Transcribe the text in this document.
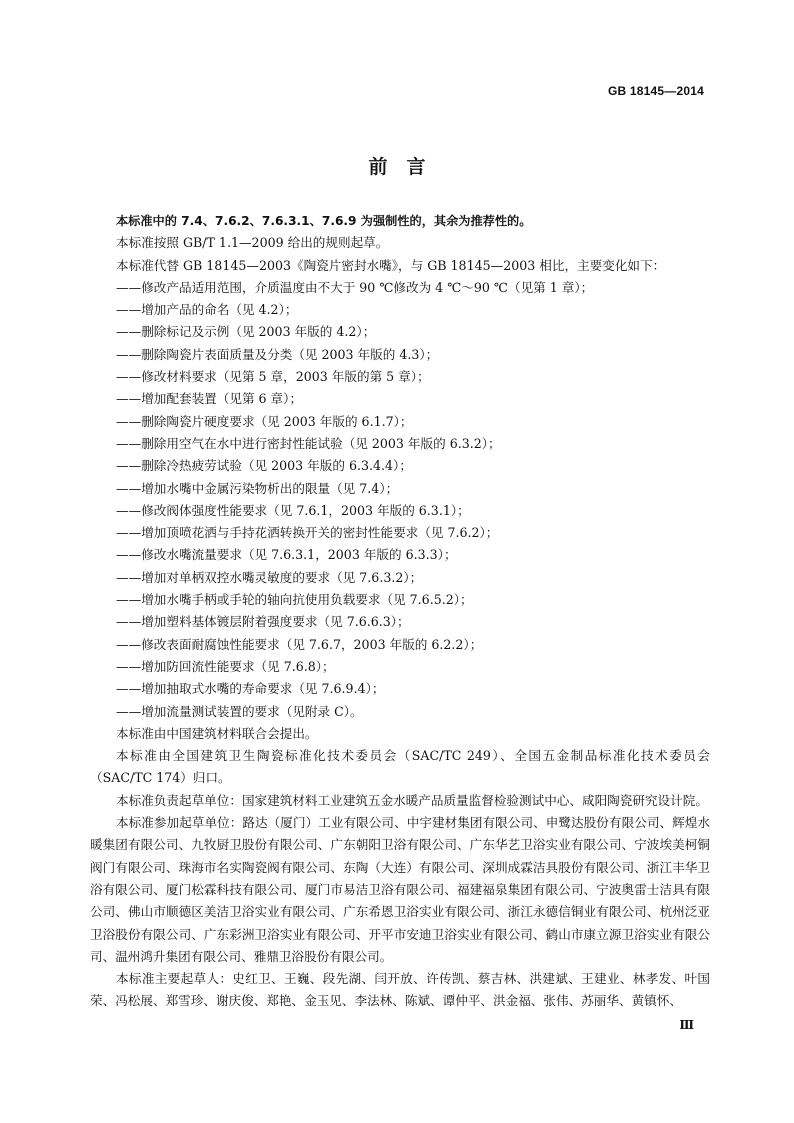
GB 18145—2014
前　言

本标准中的 7.4、7.6.2、7.6.3.1、7.6.9 为强制性的，其余为推荐性的。

本标准按照 GB/T 1.1—2009 给出的规则起草。

本标准代替 GB 18145—2003《陶瓷片密封水嘴》，与 GB 18145—2003 相比，主要变化如下：

——修改产品适用范围，介质温度由不大于 90 ℃修改为 4 ℃～90 ℃（见第 1 章）；

——增加产品的命名（见 4.2）；

——删除标记及示例（见 2003 年版的 4.2）；

——删除陶瓷片表面质量及分类（见 2003 年版的 4.3）；

——修改材料要求（见第 5 章，2003 年版的第 5 章）；

——增加配套装置（见第 6 章）；

——删除陶瓷片硬度要求（见 2003 年版的 6.1.7）；

——删除用空气在水中进行密封性能试验（见 2003 年版的 6.3.2）；

——删除冷热疲劳试验（见 2003 年版的 6.3.4.4）；

——增加水嘴中金属污染物析出的限量（见 7.4）；

——修改阀体强度性能要求（见 7.6.1，2003 年版的 6.3.1）；

——增加顶喷花洒与手持花洒转换开关的密封性能要求（见 7.6.2）；

——修改水嘴流量要求（见 7.6.3.1，2003 年版的 6.3.3）；

——增加对单柄双控水嘴灵敏度的要求（见 7.6.3.2）；

——增加水嘴手柄或手轮的轴向抗使用负载要求（见 7.6.5.2）；

——增加塑料基体镀层附着强度要求（见 7.6.6.3）；

——修改表面耐腐蚀性能要求（见 7.6.7，2003 年版的 6.2.2）；

——增加防回流性能要求（见 7.6.8）；

——增加抽取式水嘴的寿命要求（见 7.6.9.4）；

——增加流量测试装置的要求（见附录 C）。

本标准由中国建筑材料联合会提出。

本标准由全国建筑卫生陶瓷标准化技术委员会（SAC/TC 249）、全国五金制品标准化技术委员会（SAC/TC 174）归口。

本标准负责起草单位：国家建筑材料工业建筑五金水暖产品质量监督检验测试中心、咸阳陶瓷研究设计院。

本标准参加起草单位：路达（厦门）工业有限公司、中宇建材集团有限公司、申鹭达股份有限公司、辉煌水暖集团有限公司、九牧厨卫股份有限公司、广东朝阳卫浴有限公司、广东华艺卫浴实业有限公司、宁波埃美柯铜阀门有限公司、珠海市名实陶瓷阀有限公司、东陶（大连）有限公司、深圳成霖洁具股份有限公司、浙江丰华卫浴有限公司、厦门松霖科技有限公司、厦门市易洁卫浴有限公司、福建福泉集团有限公司、宁波奥雷士洁具有限公司、佛山市顺德区美洁卫浴实业有限公司、广东希恩卫浴实业有限公司、浙江永德信铜业有限公司、杭州泛亚卫浴股份有限公司、广东彩洲卫浴实业有限公司、开平市安迪卫浴实业有限公司、鹤山市康立源卫浴实业有限公司、温州鸿升集团有限公司、雅鼎卫浴股份有限公司。

本标准主要起草人：史红卫、王巍、段先湖、闫开放、许传凯、蔡吉林、洪建斌、王建业、林孝发、叶国荣、冯松展、郑雪珍、谢庆俊、郑艳、金玉见、李法林、陈斌、谭仲平、洪金福、张伟、苏丽华、黄镇怀、

Ⅲ
